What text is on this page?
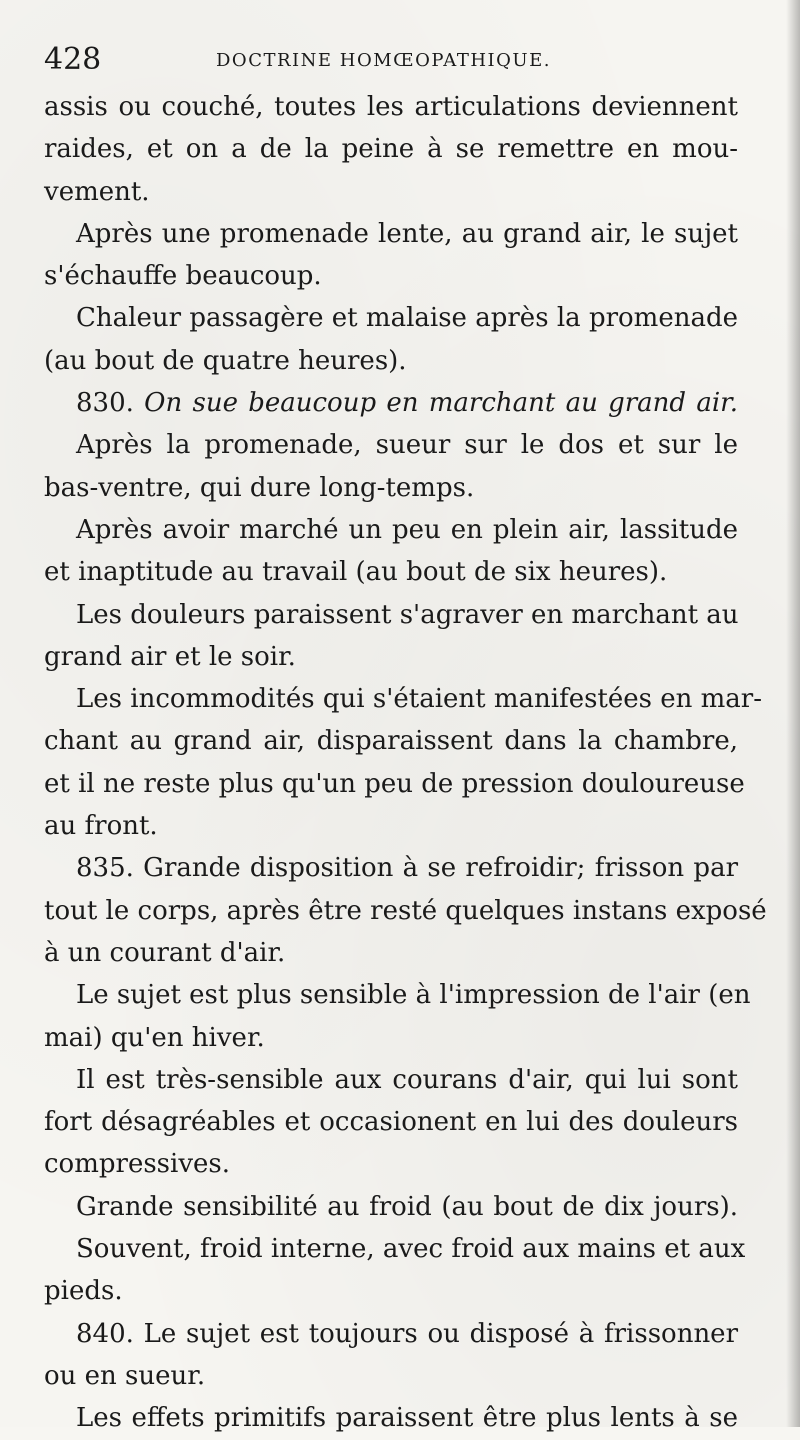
428	DOCTRINE HOMŒOPATHIQUE.
assis ou couché, toutes les articulations deviennent
raides, et on a de la peine à se remettre en mou-
vement.
Après une promenade lente, au grand air, le sujet
s'échauffe beaucoup.
Chaleur passagère et malaise après la promenade
(au bout de quatre heures).
830. On sue beaucoup en marchant au grand air.
Après la promenade, sueur sur le dos et sur le
bas-ventre, qui dure long-temps.
Après avoir marché un peu en plein air, lassitude
et inaptitude au travail (au bout de six heures).
Les douleurs paraissent s'agraver en marchant au
grand air et le soir.
Les incommodités qui s'étaient manifestées en mar-
chant au grand air, disparaissent dans la chambre,
et il ne reste plus qu'un peu de pression douloureuse
au front.
835. Grande disposition à se refroidir; frisson par
tout le corps, après être resté quelques instans exposé
à un courant d'air.
Le sujet est plus sensible à l'impression de l'air (en
mai) qu'en hiver.
Il est très-sensible aux courans d'air, qui lui sont
fort désagréables et occasionent en lui des douleurs
compressives.
Grande sensibilité au froid (au bout de dix jours).
Souvent, froid interne, avec froid aux mains et aux
pieds.
840. Le sujet est toujours ou disposé à frissonner
ou en sueur.
Les effets primitifs paraissent être plus lents à se
